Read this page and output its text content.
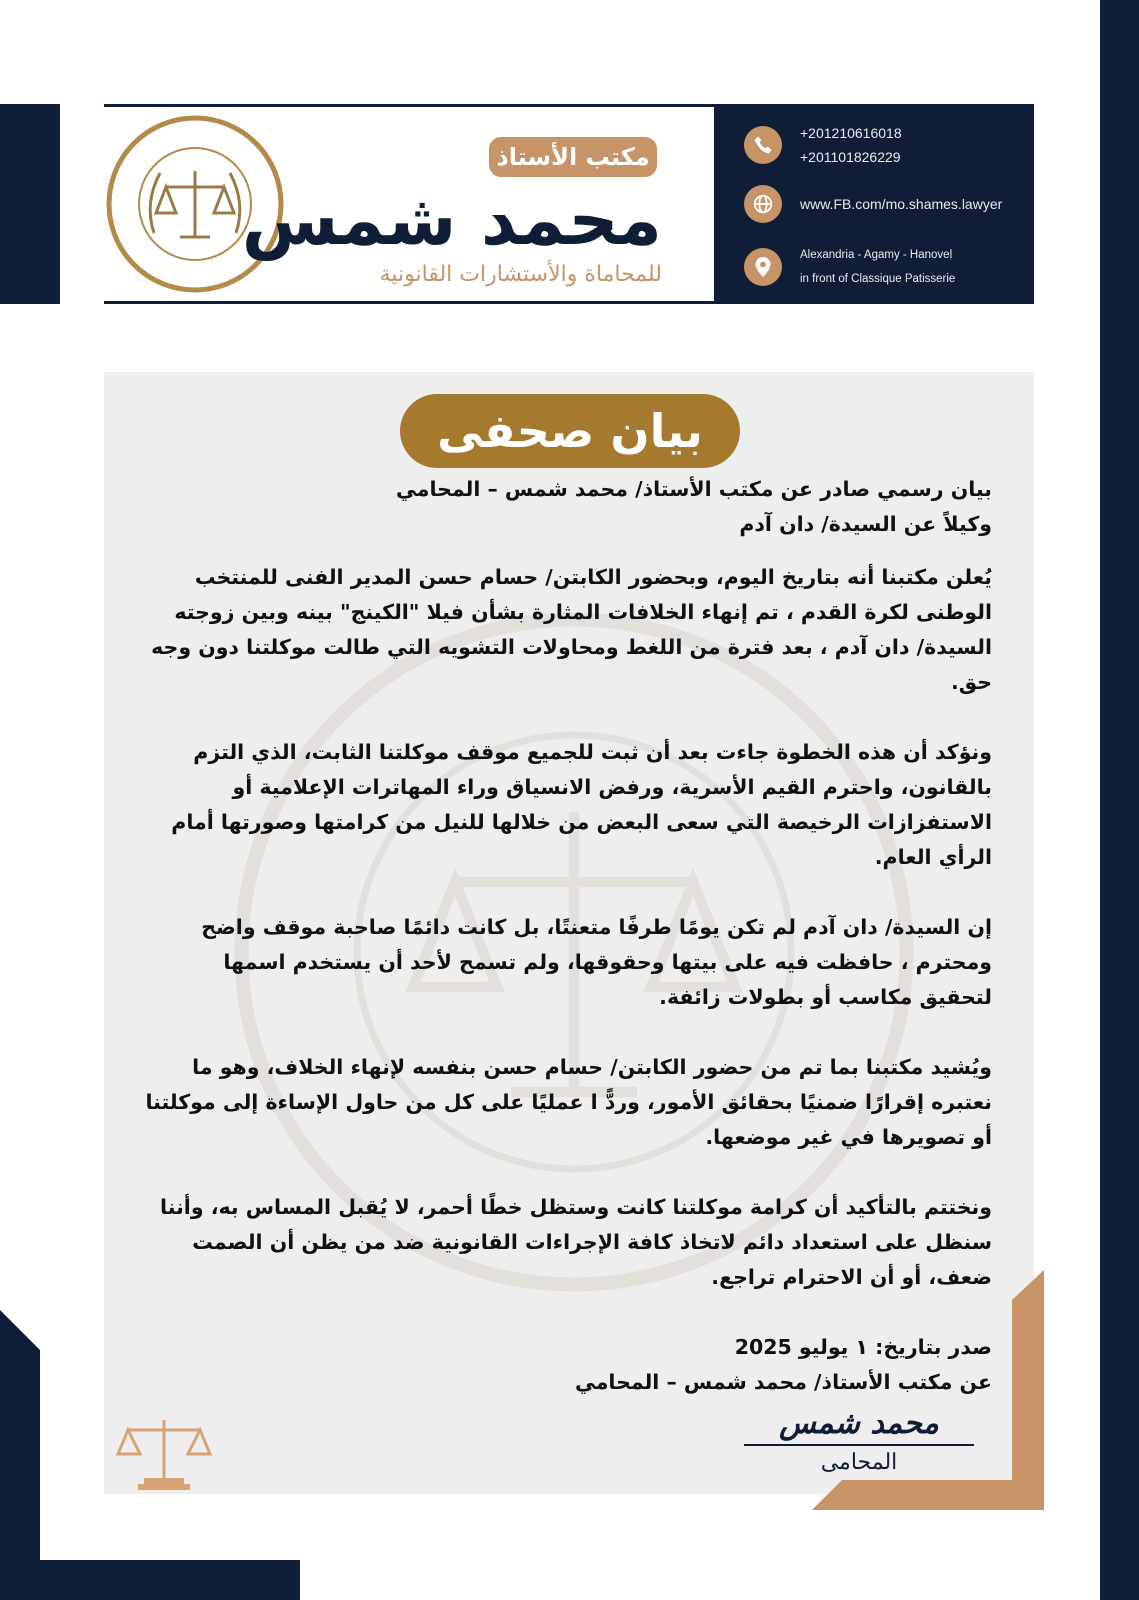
مكتب الأستاذ
محمد شمس
للمحاماة والأستشارات القانونية
+201210616018
+201101826229
www.FB.com/mo.shames.lawyer
Alexandria - Agamy - Hanovel
in front of Classique Patisserie
بيان صحفى

بيان رسمي صادر عن مكتب الأستاذ/ محمد شمس – المحامي

وكيلاً عن السيدة/ دان آدم

يُعلن مكتبنا أنه بتاريخ اليوم، وبحضور الكابتن/ حسام حسن المدير الفنى للمنتخب الوطنى لكرة القدم ، تم إنهاء الخلافات المثارة بشأن فيلا "الكينج" بينه وبين زوجته السيدة/ دان آدم ، بعد فترة من اللغط ومحاولات التشويه التي طالت موكلتنا دون وجه حق.

ونؤكد أن هذه الخطوة جاءت بعد أن ثبت للجميع موقف موكلتنا الثابت، الذي التزم بالقانون، واحترم القيم الأسرية، ورفض الانسياق وراء المهاترات الإعلامية أو الاستفزازات الرخيصة التي سعى البعض من خلالها للنيل من كرامتها وصورتها أمام الرأي العام.

إن السيدة/ دان آدم لم تكن يومًا طرفًا متعنتًا، بل كانت دائمًا صاحبة موقف واضح ومحترم ، حافظت فيه على بيتها وحقوقها، ولم تسمح لأحد أن يستخدم اسمها لتحقيق مكاسب أو بطولات زائفة.

ويُشيد مكتبنا بما تم من حضور الكابتن/ حسام حسن بنفسه لإنهاء الخلاف، وهو ما نعتبره إقرارًا ضمنيًا بحقائق الأمور، وردًّ ا عمليًا على كل من حاول الإساءة إلى موكلتنا أو تصويرها في غير موضعها.

ونختتم بالتأكيد أن كرامة موكلتنا كانت وستظل خطًا أحمر، لا يُقبل المساس به، وأننا سنظل على استعداد دائم لاتخاذ كافة الإجراءات القانونية ضد من يظن أن الصمت ضعف، أو أن الاحترام تراجع.

صدر بتاريخ: ١ يوليو 2025

عن مكتب الأستاذ/ محمد شمس – المحامي

محمد شمس
المحامى
